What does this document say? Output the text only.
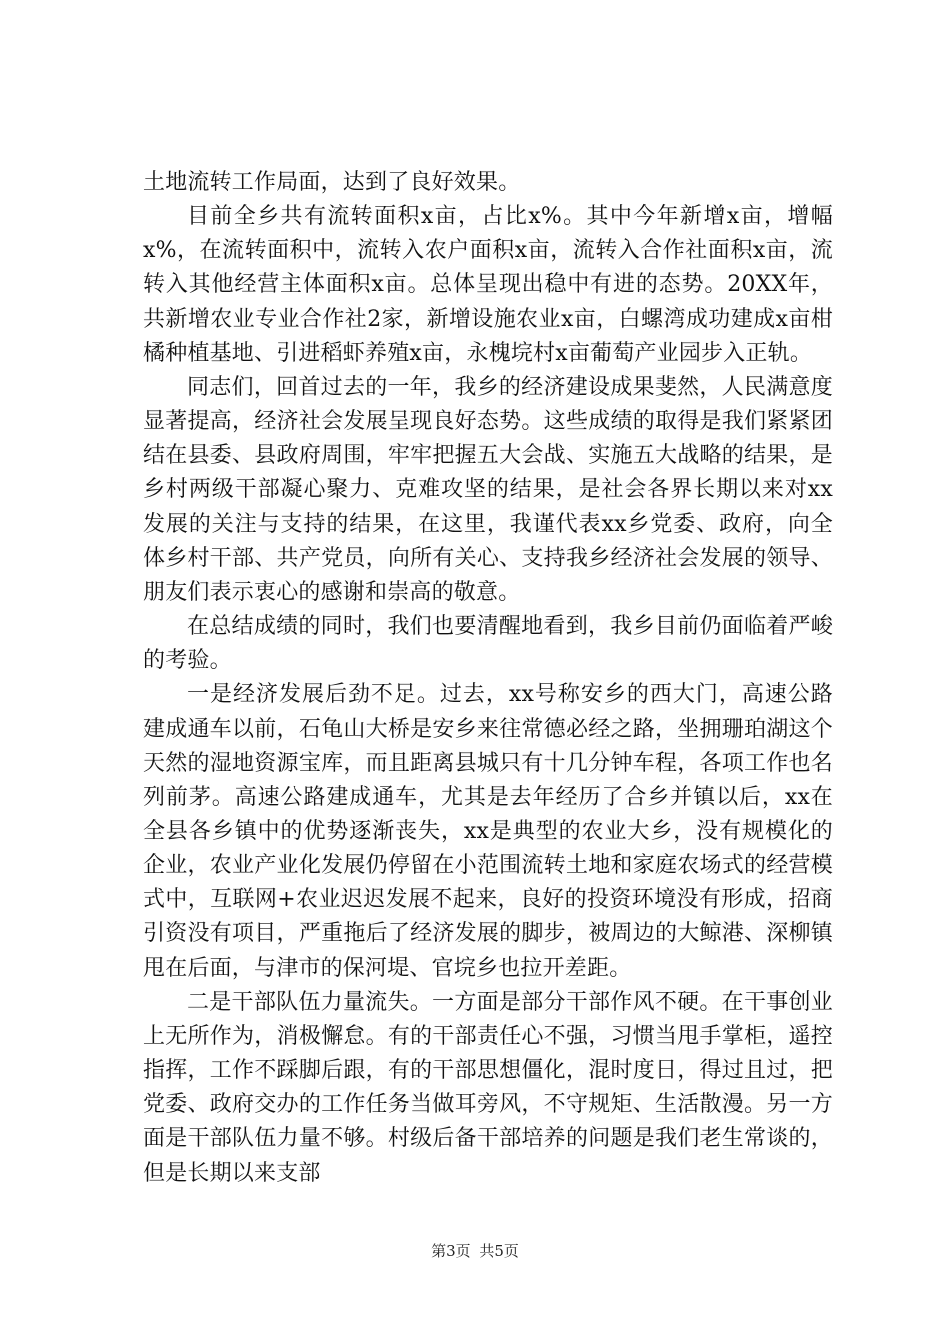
土地流转工作局面，达到了良好效果。

目前全乡共有流转面积x亩，占比x%。其中今年新增x亩，增幅x%，在流转面积中，流转入农户面积x亩，流转入合作社面积x亩，流转入其他经营主体面积x亩。总体呈现出稳中有进的态势。20XX年，共新增农业专业合作社2家，新增设施农业x亩，白螺湾成功建成x亩柑橘种植基地、引进稻虾养殖x亩，永槐垸村x亩葡萄产业园步入正轨。

同志们，回首过去的一年，我乡的经济建设成果斐然，人民满意度显著提高，经济社会发展呈现良好态势。这些成绩的取得是我们紧紧团结在县委、县政府周围，牢牢把握五大会战、实施五大战略的结果，是乡村两级干部凝心聚力、克难攻坚的结果，是社会各界长期以来对xx发展的关注与支持的结果，在这里，我谨代表xx乡党委、政府，向全体乡村干部、共产党员，向所有关心、支持我乡经济社会发展的领导、朋友们表示衷心的感谢和崇高的敬意。

在总结成绩的同时，我们也要清醒地看到，我乡目前仍面临着严峻的考验。

一是经济发展后劲不足。过去，xx号称安乡的西大门，高速公路建成通车以前，石龟山大桥是安乡来往常德必经之路，坐拥珊珀湖这个天然的湿地资源宝库，而且距离县城只有十几分钟车程，各项工作也名列前茅。高速公路建成通车，尤其是去年经历了合乡并镇以后，xx在全县各乡镇中的优势逐渐丧失，xx是典型的农业大乡，没有规模化的企业，农业产业化发展仍停留在小范围流转土地和家庭农场式的经营模式中，互联网+农业迟迟发展不起来，良好的投资环境没有形成，招商引资没有项目，严重拖后了经济发展的脚步，被周边的大鲸港、深柳镇甩在后面，与津市的保河堤、官垸乡也拉开差距。

二是干部队伍力量流失。一方面是部分干部作风不硬。在干事创业上无所作为，消极懈怠。有的干部责任心不强，习惯当甩手掌柜，遥控指挥，工作不踩脚后跟，有的干部思想僵化，混时度日，得过且过，把党委、政府交办的工作任务当做耳旁风，不守规矩、生活散漫。另一方面是干部队伍力量不够。村级后备干部培养的问题是我们老生常谈的，但是长期以来支部

第3页 共5页
